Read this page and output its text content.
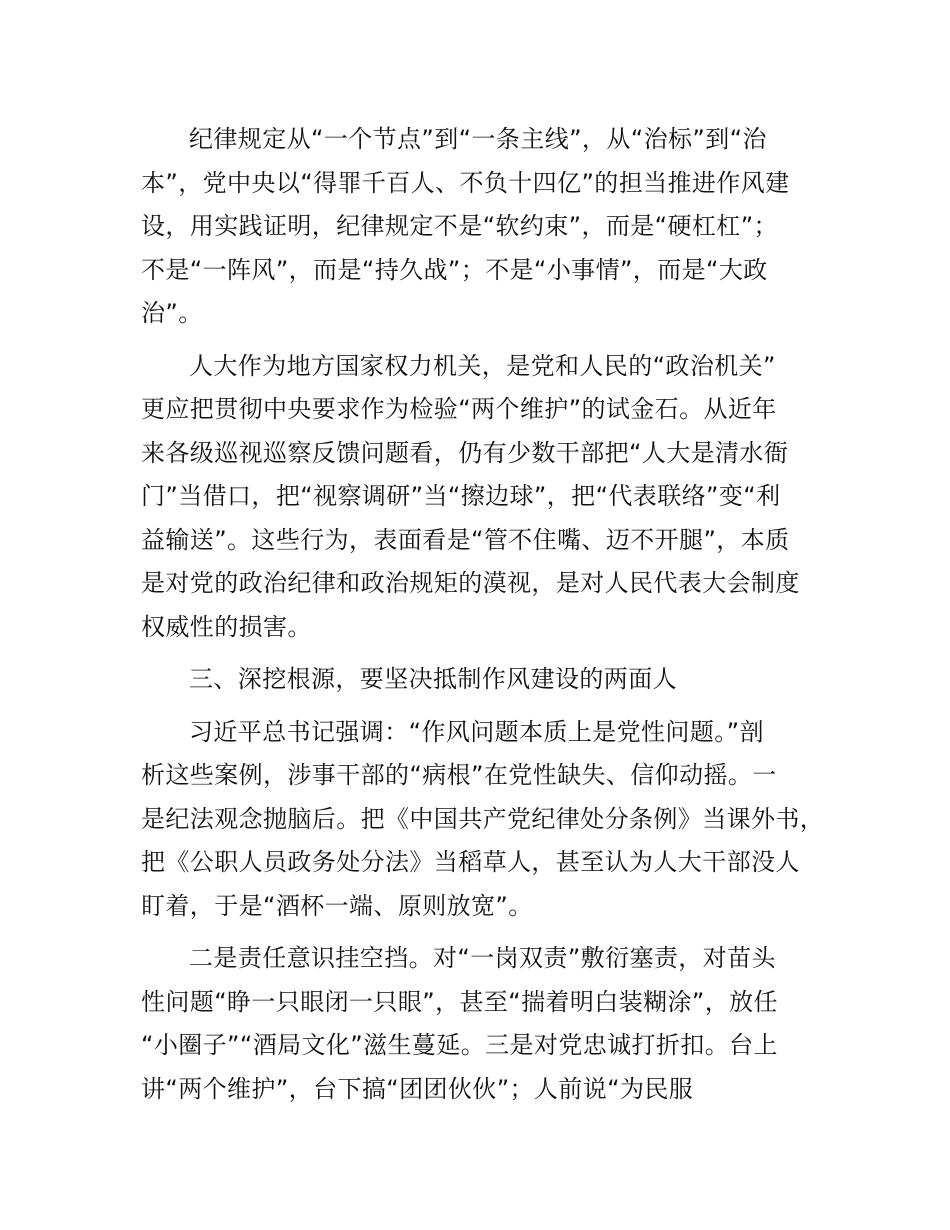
纪律规定从“一个节点”到“一条主线”，从“治标”到“治
本”，党中央以“得罪千百人、不负十四亿”的担当推进作风建
设，用实践证明，纪律规定不是“软约束”，而是“硬杠杠”；
不是“一阵风”，而是“持久战”；不是“小事情”，而是“大政
治”。
人大作为地方国家权力机关，是党和人民的“政治机关”
更应把贯彻中央要求作为检验“两个维护”的试金石。从近年
来各级巡视巡察反馈问题看，仍有少数干部把“人大是清水衙
门”当借口，把“视察调研”当“擦边球”，把“代表联络”变“利
益输送”。这些行为，表面看是“管不住嘴、迈不开腿”，本质
是对党的政治纪律和政治规矩的漠视，是对人民代表大会制度
权威性的损害。
三、深挖根源，要坚决抵制作风建设的两面人
习近平总书记强调：“作风问题本质上是党性问题。”剖
析这些案例，涉事干部的“病根”在党性缺失、信仰动摇。一
是纪法观念抛脑后。把《中国共产党纪律处分条例》当课外书，
把《公职人员政务处分法》当稻草人，甚至认为人大干部没人
盯着，于是“酒杯一端、原则放宽”。
二是责任意识挂空挡。对“一岗双责”敷衍塞责，对苗头
性问题“睁一只眼闭一只眼”，甚至“揣着明白装糊涂”，放任
“小圈子”“酒局文化”滋生蔓延。三是对党忠诚打折扣。台上
讲“两个维护”，台下搞“团团伙伙”；人前说“为民服
